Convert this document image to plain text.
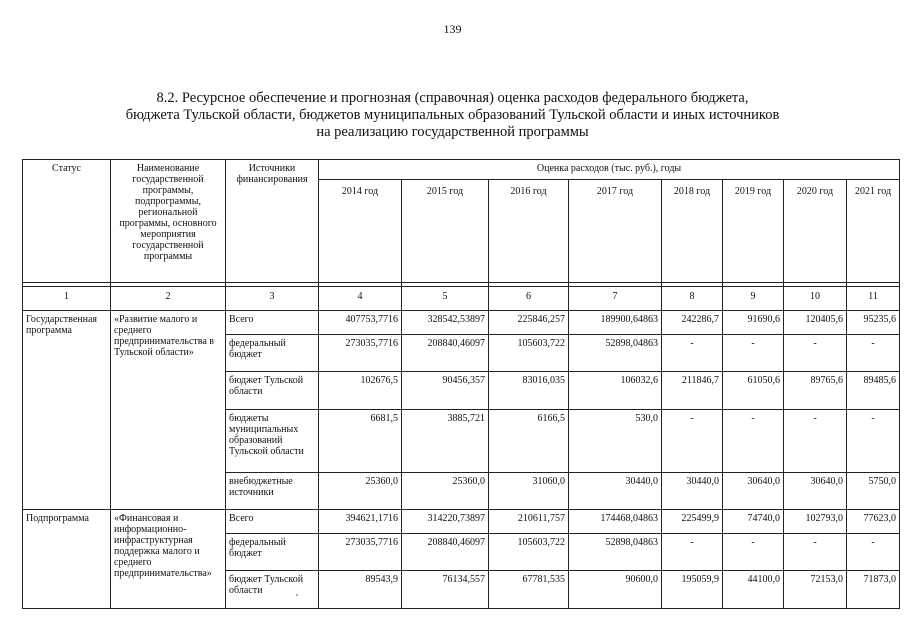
139
8.2. Ресурсное обеспечение и прогнозная (справочная) оценка расходов федерального бюджета,
бюджета Тульской области, бюджетов муниципальных образований Тульской области и иных источников
на реализацию государственной программы
Статус	Наименование государственной программы, подпрограммы, региональной программы, основного мероприятия государственной программы	Источники финансирования	Оценка расходов (тыс. руб.), годы							
			2014 год	2015 год	2016 год	2017 год	2018 год	2019 год	2020 год	2021 год

1	2	3	4	5	6	7	8	9	10	11
Государственная программа	«Развитие малого и среднего предпринимательства в Тульской области»	Всего	407753,7716	328542,53897	225846,257	189900,64863	242286,7	91690,6	120405,6	95235,6
		федеральный бюджет	273035,7716	208840,46097	105603,722	52898,04863	-	-	-	-
		бюджет Тульской области	102676,5	90456,357	83016,035	106032,6	211846,7	61050,6	89765,6	89485,6
		бюджеты муниципальных образований Тульской области	6681,5	3885,721	6166,5	530,0	-	-	-	-
		внебюджетные источники	25360,0	25360,0	31060,0	30440,0	30440,0	30640,0	30640,0	5750,0
Подпрограмма	«Финансовая и информационно-инфраструктурная поддержка малого и среднего предпринимательства»	Всего	394621,1716	314220,73897	210611,757	174468,04863	225499,9	74740,0	102793,0	77623,0
		федеральный бюджет	273035,7716	208840,46097	105603,722	52898,04863	-	-	-	-
		бюджет Тульской области	89543,9	76134,557	67781,535	90600,0	195059,9	44100,0	72153,0	71873,0
